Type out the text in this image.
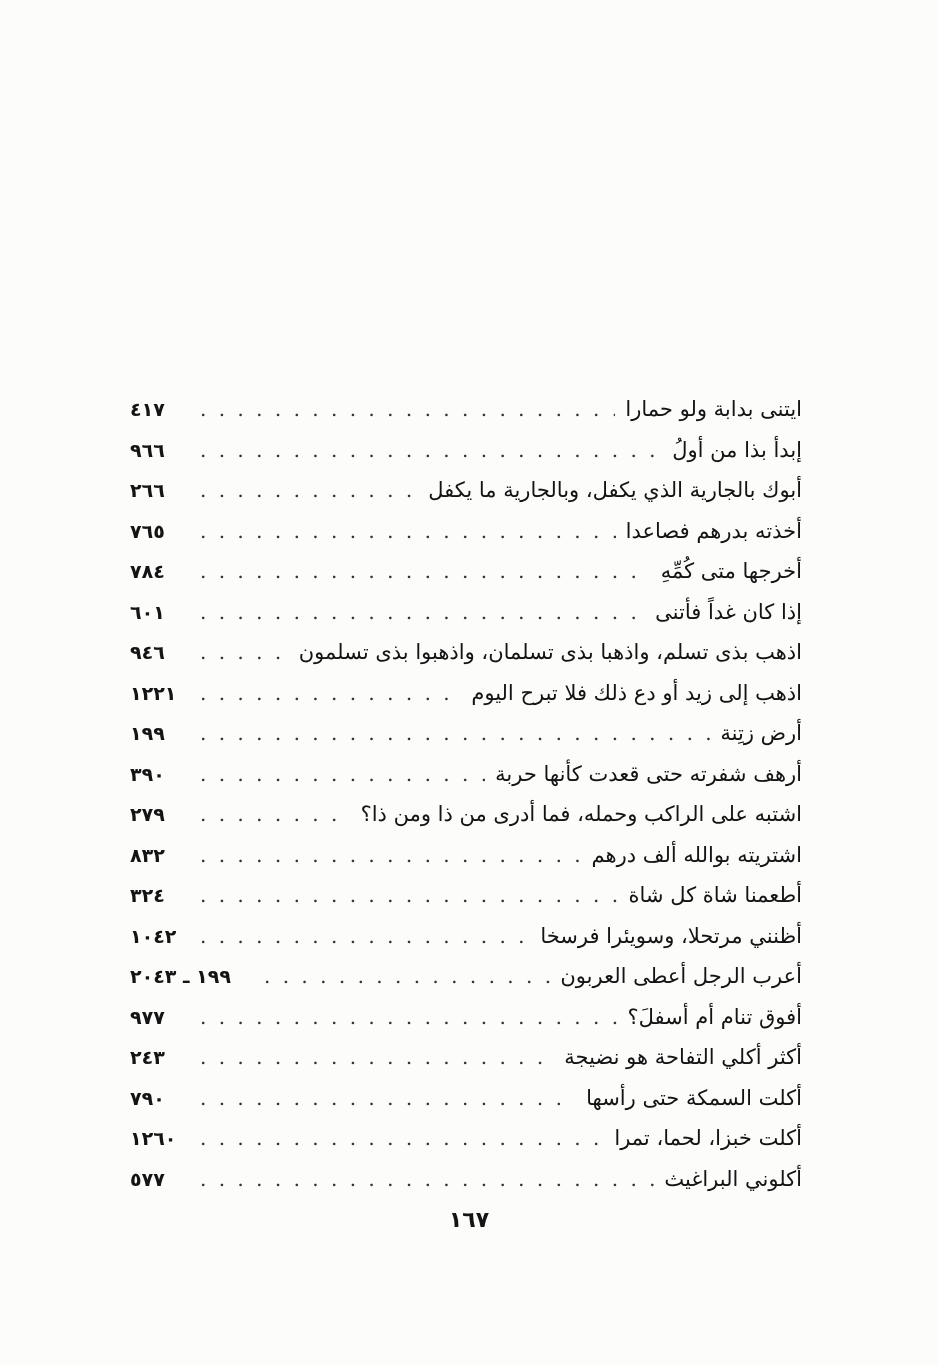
ايتنى بدابة ولو حمارا
. . .
٤١٧
إبدأ بذا من أولُ
. . .
٩٦٦
أبوك بالجارية الذي يكفل، وبالجارية ما يكفل
. . .
٢٦٦
أخذته بدرهم فصاعدا
. . .
٧٦٥
أخرجها متى كُمِّهِ
. . .
٧٨٤
إذا كان غداً فأتنى
. . .
٦٠١
اذهب بذى تسلم، واذهبا بذى تسلمان، واذهبوا بذى تسلمون
. . .
٩٤٦
اذهب إلى زيد أو دع ذلك فلا تبرح اليوم
. . .
١٢٢١
أرض زتِنة
. . .
١٩٩
أرهف شفرته حتى قعدت كأنها حربة
. . .
٣٩٠
اشتبه على الراكب وحمله، فما أدرى من ذا ومن ذا؟
. . .
٢٧٩
اشتريته بوالله ألف درهم
. . .
٨٣٢
أطعمنا شاة كل شاة
. . .
٣٢٤
أظنني مرتحلا، وسويئرا فرسخا
. . .
١٠٤٢
أعرب الرجل أعطى العربون
. . .
١٩٩ ـ ٢٠٤٣
أفوق تنام أم أسفلَ؟
. . .
٩٧٧
أكثر أكلي التفاحة هو نضيجة
. . .
٢٤٣
أكلت السمكة حتى رأسها
. . .
٧٩٠
أكلت خبزا، لحما، تمرا
. . .
١٢٦٠
أكلوني البراغيث
. . .
٥٧٧
١٦٧
